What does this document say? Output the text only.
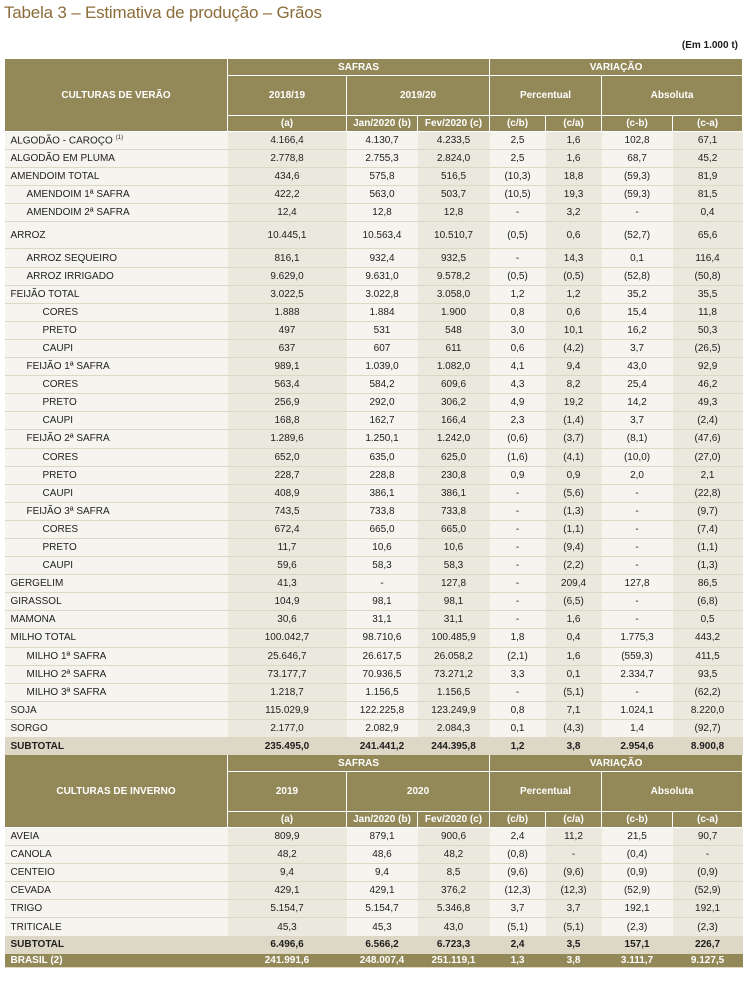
Tabela 3 – Estimativa de produção – Grãos
(Em 1.000 t)
CULTURAS DE VERÃO	SAFRAS			VARIAÇÃO			
	2018/19	2019/20		Percentual		Absoluta	
	(a)	Jan/2020 (b)	Fev/2020 (c)	(c/b)	(c/a)	(c-b)	(c-a)
ALGODÃO - CAROÇO $^{(1)}$	4.166,4	4.130,7	4.233,5	2,5	1,6	102,8	67,1
ALGODÃO EM PLUMA	2.778,8	2.755,3	2.824,0	2,5	1,6	68,7	45,2
AMENDOIM TOTAL	434,6	575,8	516,5	(10,3)	18,8	(59,3)	81,9
AMENDOIM 1ª SAFRA	422,2	563,0	503,7	(10,5)	19,3	(59,3)	81,5
AMENDOIM 2ª SAFRA	12,4	12,8	12,8	-	3,2	-	0,4
ARROZ	10.445,1	10.563,4	10.510,7	(0,5)	0,6	(52,7)	65,6
ARROZ SEQUEIRO	816,1	932,4	932,5	-	14,3	0,1	116,4
ARROZ IRRIGADO	9.629,0	9.631,0	9.578,2	(0,5)	(0,5)	(52,8)	(50,8)
FEIJÃO TOTAL	3.022,5	3.022,8	3.058,0	1,2	1,2	35,2	35,5
CORES	1.888	1.884	1.900	0,8	0,6	15,4	11,8
PRETO	497	531	548	3,0	10,1	16,2	50,3
CAUPI	637	607	611	0,6	(4,2)	3,7	(26,5)
FEIJÃO 1ª SAFRA	989,1	1.039,0	1.082,0	4,1	9,4	43,0	92,9
CORES	563,4	584,2	609,6	4,3	8,2	25,4	46,2
PRETO	256,9	292,0	306,2	4,9	19,2	14,2	49,3
CAUPI	168,8	162,7	166,4	2,3	(1,4)	3,7	(2,4)
FEIJÃO 2ª SAFRA	1.289,6	1.250,1	1.242,0	(0,6)	(3,7)	(8,1)	(47,6)
CORES	652,0	635,0	625,0	(1,6)	(4,1)	(10,0)	(27,0)
PRETO	228,7	228,8	230,8	0,9	0,9	2,0	2,1
CAUPI	408,9	386,1	386,1	-	(5,6)	-	(22,8)
FEIJÃO 3ª SAFRA	743,5	733,8	733,8	-	(1,3)	-	(9,7)
CORES	672,4	665,0	665,0	-	(1,1)	-	(7,4)
PRETO	11,7	10,6	10,6	-	(9,4)	-	(1,1)
CAUPI	59,6	58,3	58,3	-	(2,2)	-	(1,3)
GERGELIM	41,3	-	127,8	-	209,4	127,8	86,5
GIRASSOL	104,9	98,1	98,1	-	(6,5)	-	(6,8)
MAMONA	30,6	31,1	31,1	-	1,6	-	0,5
MILHO TOTAL	100.042,7	98.710,6	100.485,9	1,8	0,4	1.775,3	443,2
MILHO 1ª SAFRA	25.646,7	26.617,5	26.058,2	(2,1)	1,6	(559,3)	411,5
MILHO 2ª SAFRA	73.177,7	70.936,5	73.271,2	3,3	0,1	2.334,7	93,5
MILHO 3ª SAFRA	1.218,7	1.156,5	1.156,5	-	(5,1)	-	(62,2)
SOJA	115.029,9	122.225,8	123.249,9	0,8	7,1	1.024,1	8.220,0
SORGO	2.177,0	2.082,9	2.084,3	0,1	(4,3)	1,4	(92,7)
SUBTOTAL	235.495,0	241.441,2	244.395,8	1,2	3,8	2.954,6	8.900,8
CULTURAS DE INVERNO	SAFRAS			VARIAÇÃO			
	2019	2020		Percentual		Absoluta	
	(a)	Jan/2020 (b)	Fev/2020 (c)	(c/b)	(c/a)	(c-b)	(c-a)
AVEIA	809,9	879,1	900,6	2,4	11,2	21,5	90,7
CANOLA	48,2	48,6	48,2	(0,8)	-	(0,4)	-
CENTEIO	9,4	9,4	8,5	(9,6)	(9,6)	(0,9)	(0,9)
CEVADA	429,1	429,1	376,2	(12,3)	(12,3)	(52,9)	(52,9)
TRIGO	5.154,7	5.154,7	5.346,8	3,7	3,7	192,1	192,1
TRITICALE	45,3	45,3	43,0	(5,1)	(5,1)	(2,3)	(2,3)
SUBTOTAL	6.496,6	6.566,2	6.723,3	2,4	3,5	157,1	226,7
BRASIL (2)	241.991,6	248.007,4	251.119,1	1,3	3,8	3.111,7	9.127,5
